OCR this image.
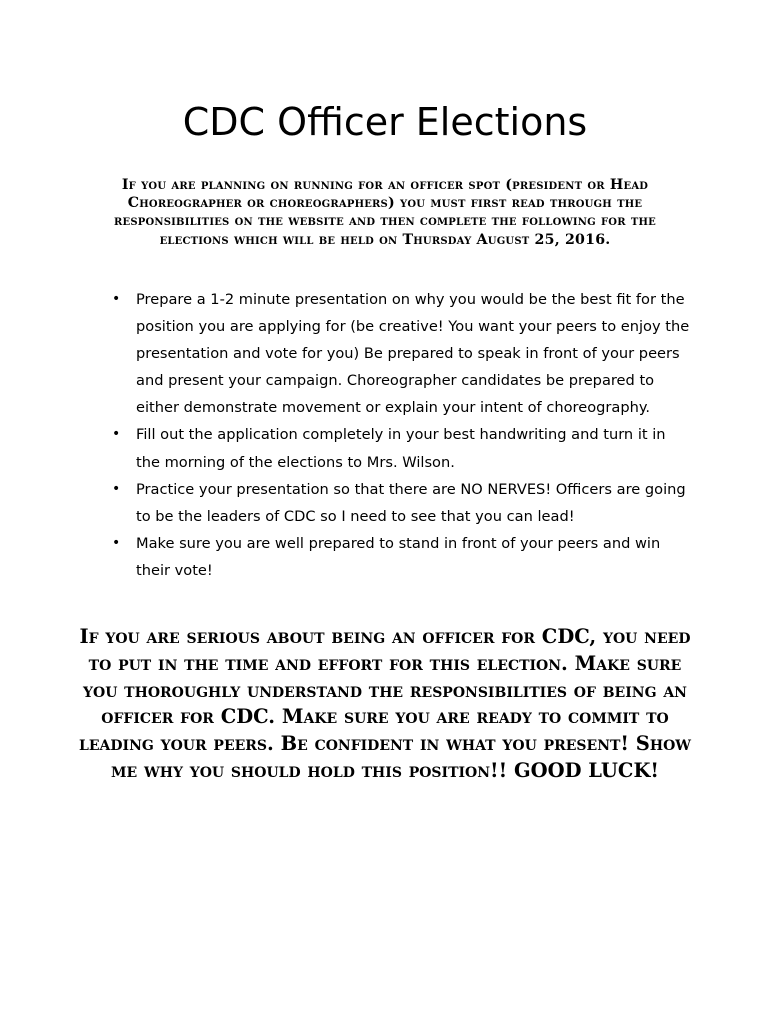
CDC Officer Elections

If you are planning on running for an officer spot (president or Head Choreographer or choreographers) you must first read through the responsibilities on the website and then complete the following for the elections which will be held on Thursday August 25, 2016.

• Prepare a 1-2 minute presentation on why you would be the best fit for the position you are applying for (be creative! You want your peers to enjoy the presentation and vote for you) Be prepared to speak in front of your peers and present your campaign. Choreographer candidates be prepared to either demonstrate movement or explain your intent of choreography.
• Fill out the application completely in your best handwriting and turn it in the morning of the elections to Mrs. Wilson.
• Practice your presentation so that there are NO NERVES! Officers are going to be the leaders of CDC so I need to see that you can lead!
• Make sure you are well prepared to stand in front of your peers and win their vote!

If you are serious about being an officer for CDC, you need to put in the time and effort for this election. Make sure you thoroughly understand the responsibilities of being an officer for CDC. Make sure you are ready to commit to leading your peers. Be confident in what you present! Show me why you should hold this position!! GOOD LUCK!
